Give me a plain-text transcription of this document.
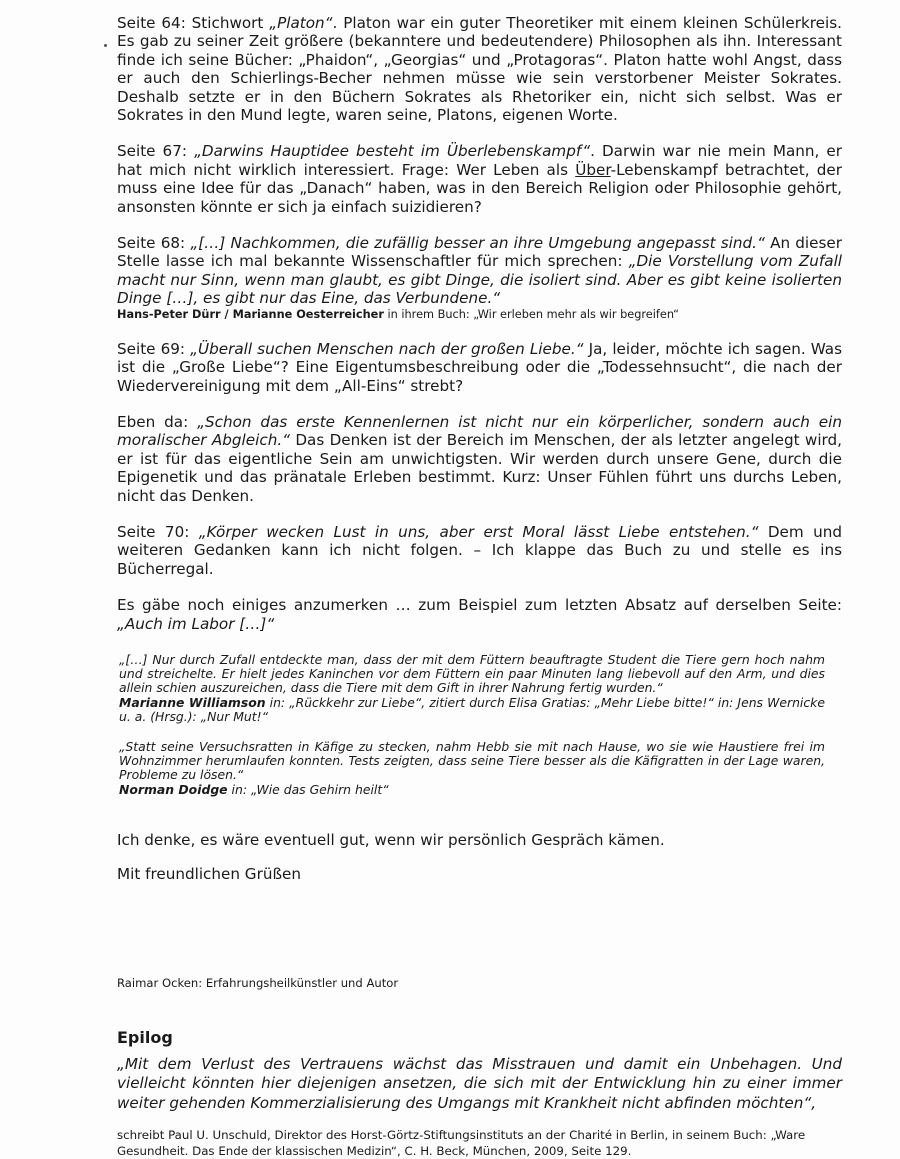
Seite 64: Stichwort „Platon“. Platon war ein guter Theoretiker mit einem kleinen Schülerkreis. Es gab zu seiner Zeit größere (bekanntere und bedeutendere) Philosophen als ihn. Interessant finde ich seine Bücher: „Phaidon“, „Georgias“ und „Protagoras“. Platon hatte wohl Angst, dass er auch den Schierlings-Becher nehmen müsse wie sein verstorbener Meister Sokrates. Deshalb setzte er in den Büchern Sokrates als Rhetoriker ein, nicht sich selbst. Was er Sokrates in den Mund legte, waren seine, Platons, eigenen Worte.

Seite 67: „Darwins Hauptidee besteht im Überlebenskampf“. Darwin war nie mein Mann, er hat mich nicht wirklich interessiert. Frage: Wer Leben als Über-Lebenskampf betrachtet, der muss eine Idee für das „Danach“ haben, was in den Bereich Religion oder Philosophie gehört, ansonsten könnte er sich ja einfach suizidieren?

Seite 68: „[…] Nachkommen, die zufällig besser an ihre Umgebung angepasst sind.“ An dieser Stelle lasse ich mal bekannte Wissenschaftler für mich sprechen: „Die Vorstellung vom Zufall macht nur Sinn, wenn man glaubt, es gibt Dinge, die isoliert sind. Aber es gibt keine isolierten Dinge […], es gibt nur das Eine, das Verbundene.“

Hans-Peter Dürr / Marianne Oesterreicher in ihrem Buch: „Wir erleben mehr als wir begreifen“

Seite 69: „Überall suchen Menschen nach der großen Liebe.“ Ja, leider, möchte ich sagen. Was ist die „Große Liebe“? Eine Eigentumsbeschreibung oder die „Todessehnsucht“, die nach der Wiedervereinigung mit dem „All-Eins“ strebt?

Eben da: „Schon das erste Kennenlernen ist nicht nur ein körperlicher, sondern auch ein moralischer Abgleich.“ Das Denken ist der Bereich im Menschen, der als letzter angelegt wird, er ist für das eigentliche Sein am unwichtigsten. Wir werden durch unsere Gene, durch die Epigenetik und das pränatale Erleben bestimmt. Kurz: Unser Fühlen führt uns durchs Leben, nicht das Denken.

Seite 70: „Körper wecken Lust in uns, aber erst Moral lässt Liebe entstehen.“ Dem und weiteren Gedanken kann ich nicht folgen. – Ich klappe das Buch zu und stelle es ins Bücherregal.

Es gäbe noch einiges anzumerken … zum Beispiel zum letzten Absatz auf derselben Seite: „Auch im Labor […]“

„[…] Nur durch Zufall entdeckte man, dass der mit dem Füttern beauftragte Student die Tiere gern hoch nahm und streichelte. Er hielt jedes Kaninchen vor dem Füttern ein paar Minuten lang liebevoll auf den Arm, und dies allein schien auszureichen, dass die Tiere mit dem Gift in ihrer Nahrung fertig wurden.“
Marianne Williamson in: „Rückkehr zur Liebe“, zitiert durch Elisa Gratias: „Mehr Liebe bitte!“ in: Jens Wernicke u. a. (Hrsg.): „Nur Mut!“

„Statt seine Versuchsratten in Käfige zu stecken, nahm Hebb sie mit nach Hause, wo sie wie Haustiere frei im Wohnzimmer herumlaufen konnten. Tests zeigten, dass seine Tiere besser als die Käfigratten in der Lage waren, Probleme zu lösen.“
Norman Doidge in: „Wie das Gehirn heilt“

Ich denke, es wäre eventuell gut, wenn wir persönlich Gespräch kämen.

Mit freundlichen Grüßen

Raimar Ocken: Erfahrungsheilkünstler und Autor

Epilog

„Mit dem Verlust des Vertrauens wächst das Misstrauen und damit ein Unbehagen. Und vielleicht könnten hier diejenigen ansetzen, die sich mit der Entwicklung hin zu einer immer weiter gehenden Kommerzialisierung des Umgangs mit Krankheit nicht abfinden möchten“,

schreibt Paul U. Unschuld, Direktor des Horst-Görtz-Stiftungsinstituts an der Charité in Berlin, in seinem Buch: „Ware Gesundheit. Das Ende der klassischen Medizin“, C. H. Beck, München, 2009, Seite 129.
